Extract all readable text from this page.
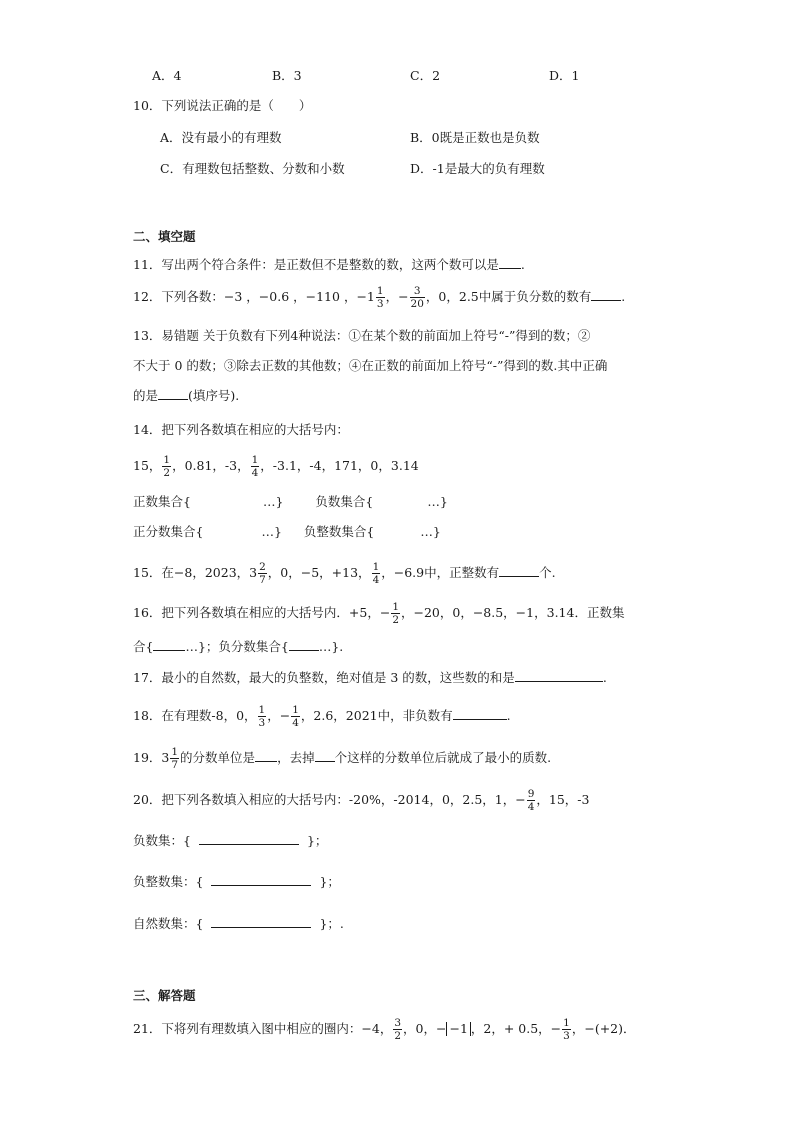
A．4	B．3	C．2	D．1
10．下列说法正确的是（　　）
A．没有最小的有理数	B．0既是正数也是负数
C．有理数包括整数、分数和小数	D．-1是最大的负有理数
二、填空题
11．写出两个符合条件：是正数但不是整数的数，这两个数可以是 .
12．下列各数：−3 ，−0.6 ，−110 ，$-1 \frac{1}{3}$ ，− $\frac{3}{20}$ ，0，2.5中属于负分数的数有 .
13．易错题 关于负数有下列4种说法：①在某个数的前面加上符号“-”得到的数；②
不大于 0 的数；③除去正数的其他数；④在正数的前面加上符号“-”得到的数.其中正确
的是 (填序号).
14．把下列各数填在相应的大括号内：
15， $\frac{1}{2}$ ，0.81，-3， $\frac{1}{4}$ ，-3.1，-4，171，0，3.14
正数集合{	…}	负数集合{	…}
正分数集合{	…} 负整数集合{	…}
15．在−8，2023，$3 \frac{2}{7}$ ，0，−5，+13， $\frac{1}{4}$ ，−6.9中，正整数有	个.
16．把下列各数填在相应的大括号内．+5，− $\frac{1}{2}$ ，−20，0，−8.5，−1，3.14．正数集
合{	…}；负分数集合{ …}.
17．最小的自然数，最大的负整数，绝对值是 3 的数，这些数的和是	.
18．在有理数-8，0， $\frac{1}{3}$ ，− $\frac{1}{4}$ ，2.6，2021中，非负数有	.
19．$3 \frac{1}{7}$ 的分数单位是 ，去掉 个这样的分数单位后就成了最小的质数.
20．把下列各数填入相应的大括号内：-20%，-2014，0，2.5，1，− $\frac{9}{4}$ ，15，-3
负数集：{	}；
负整数集：{	}；
自然数集：{	}；.
三、解答题
21．下将列有理数填入图中相应的圈内：−4， $\frac{3}{2}$ ，0，− −1 ，2，+ 0.5，− $\frac{1}{3}$ ，−(+2)．
